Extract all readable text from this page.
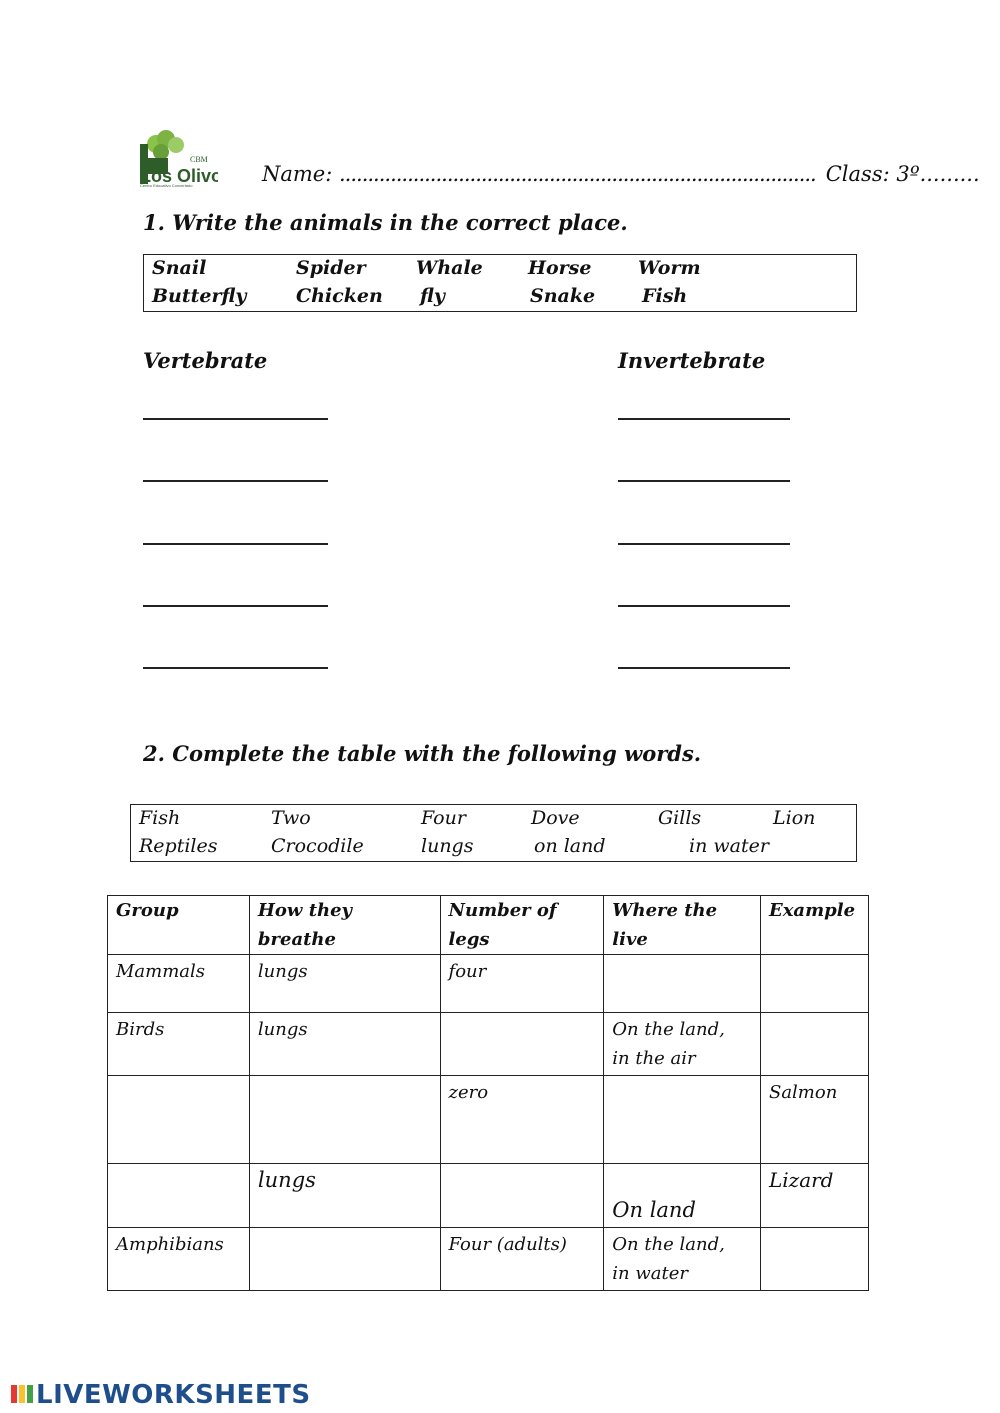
Los Olivo
CBM
Centro Educativo Concertado	Name: .................................................................................... Class: 3º.........
1. Write the animals in the correct place.
Snail	Spider	Whale Horse Worm
Butterfly	Chicken fly	Snake Fish
Vertebrate	Invertebrate
2. Complete the table with the following words.
Fish	Two	Four	Dove	Gills	Lion
Reptiles	Crocodile	lungs	on land	in water
Group	How they breathe	Number of legs	Where the live	Example
Mammals	lungs	four		
Birds	lungs		On the land,
in the air	
		zero		Salmon
	lungs		On land	Lizard
Amphibians		Four (adults)	On the land,
in water	
LIVEWORKSHEETS
